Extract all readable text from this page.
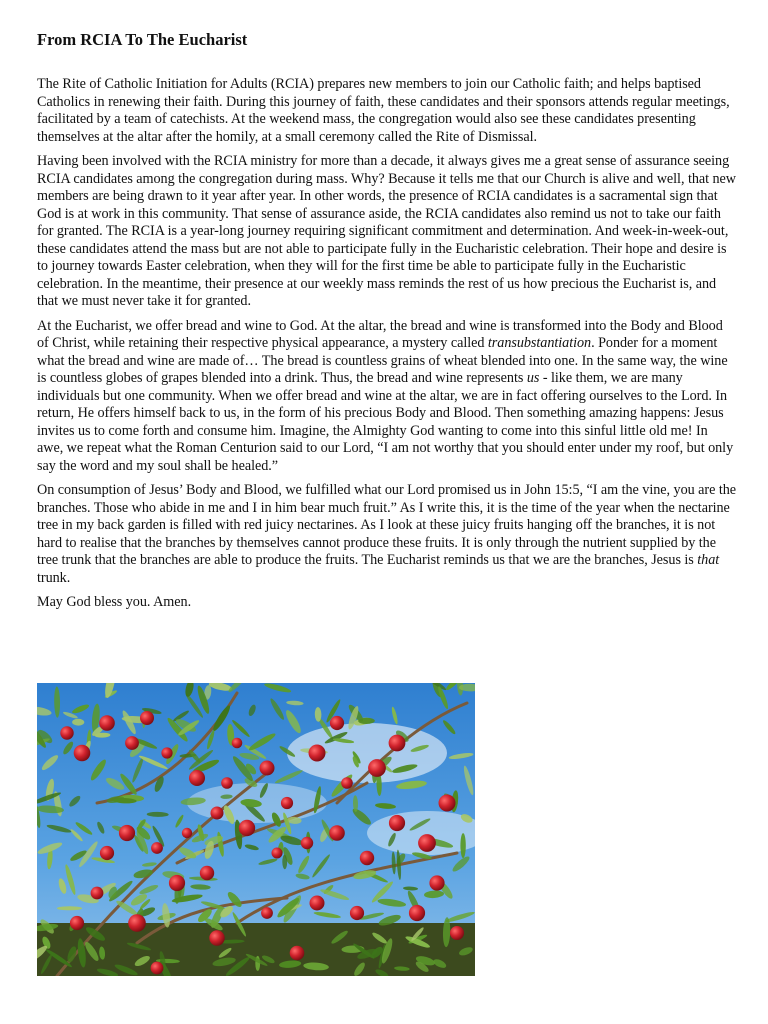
From RCIA To The Eucharist

The Rite of Catholic Initiation for Adults (RCIA) prepares new members to join our Catholic faith; and helps baptised Catholics in renewing their faith. During this journey of faith, these candidates and their sponsors attends regular meetings, facilitated by a team of catechists. At the weekend mass, the congregation would also see these candidates presenting themselves at the altar after the homily, at a small ceremony called the Rite of Dismissal.

Having been involved with the RCIA ministry for more than a decade, it always gives me a great sense of assurance seeing RCIA candidates among the congregation during mass. Why? Because it tells me that our Church is alive and well, that new members are being drawn to it year after year. In other words, the presence of RCIA candidates is a sacramental sign that God is at work in this community. That sense of assurance aside, the RCIA candidates also remind us not to take our faith for granted. The RCIA is a year-long journey requiring significant commitment and determination. And week-in-week-out, these candidates attend the mass but are not able to participate fully in the Eucharistic celebration. Their hope and desire is to journey towards Easter celebration, when they will for the first time be able to participate fully in the Eucharistic celebration. In the meantime, their presence at our weekly mass reminds the rest of us how precious the Eucharist is, and that we must never take it for granted.

At the Eucharist, we offer bread and wine to God. At the altar, the bread and wine is transformed into the Body and Blood of Christ, while retaining their respective physical appearance, a mystery called transubstantiation. Ponder for a moment what the bread and wine are made of… The bread is countless grains of wheat blended into one. In the same way, the wine is countless globes of grapes blended into a drink. Thus, the bread and wine represents us - like them, we are many individuals but one community. When we offer bread and wine at the altar, we are in fact offering ourselves to the Lord. In return, He offers himself back to us, in the form of his precious Body and Blood. Then something amazing happens: Jesus invites us to come forth and consume him. Imagine, the Almighty God wanting to come into this sinful little old me! In awe, we repeat what the Roman Centurion said to our Lord, “I am not worthy that you should enter under my roof, but only say the word and my soul shall be healed.”

On consumption of Jesus’ Body and Blood, we fulfilled what our Lord promised us in John 15:5, “I am the vine, you are the branches. Those who abide in me and I in him bear much fruit.” As I write this, it is the time of the year when the nectarine tree in my back garden is filled with red juicy nectarines. As I look at these juicy fruits hanging off the branches, it is not hard to realise that the branches by themselves cannot produce these fruits. It is only through the nutrient supplied by the tree trunk that the branches are able to produce the fruits. The Eucharist reminds us that we are the branches, Jesus is that trunk.

May God bless you. Amen.
